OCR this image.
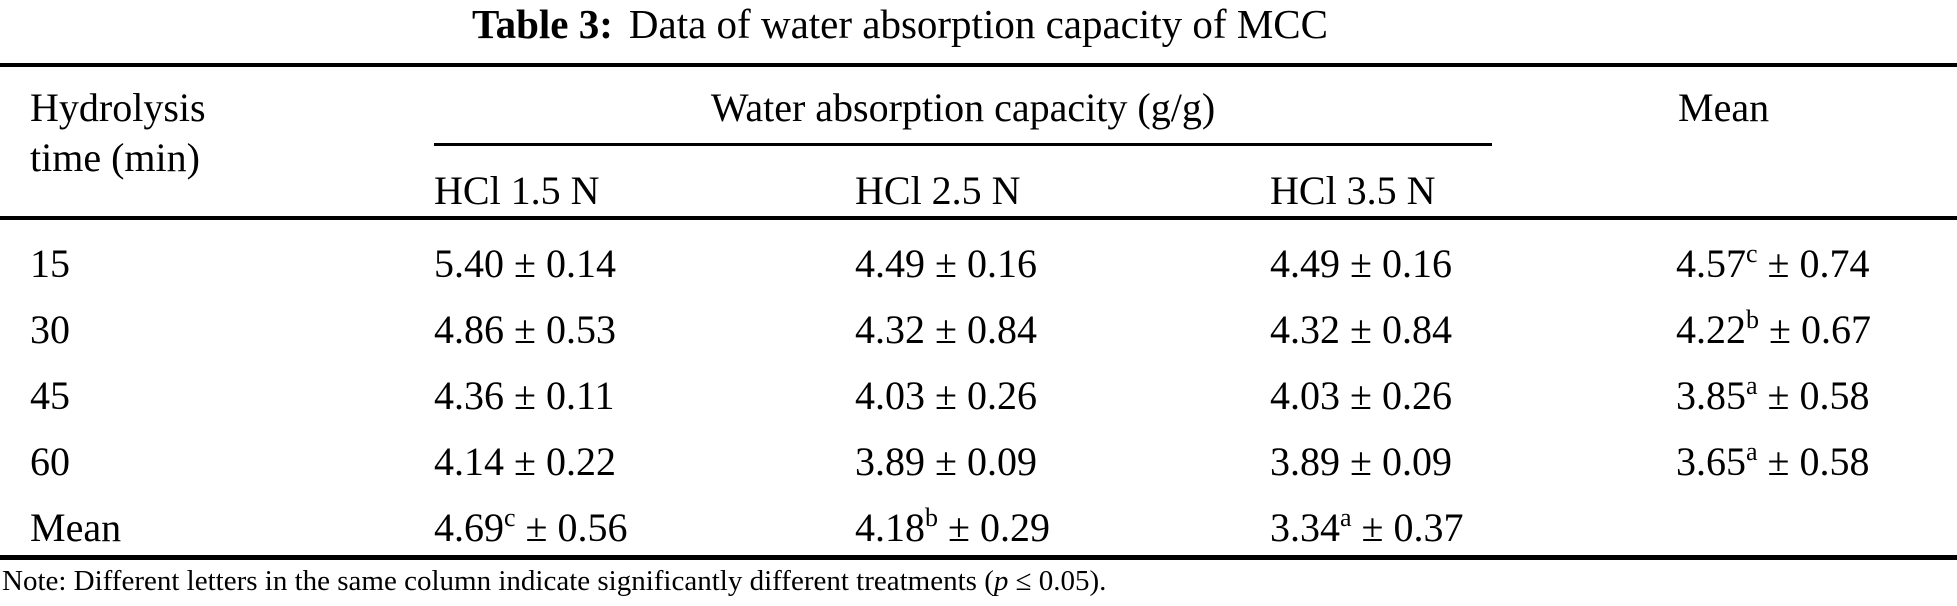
Table 3: Data of water absorption capacity of MCC
Hydrolysis
time (min)
Water absorption capacity (g/g)	Mean
HCl 1.5 N	HCl 2.5 N	HCl 3.5 N
15	5.40 ± 0.14	4.49 ± 0.16	4.49 ± 0.16	4.57$^c$ ± 0.74
30	4.86 ± 0.53	4.32 ± 0.84	4.32 ± 0.84	4.22$^b$ ± 0.67
45	4.36 ± 0.11	4.03 ± 0.26	4.03 ± 0.26	3.85$^a$ ± 0.58
60	4.14 ± 0.22	3.89 ± 0.09	3.89 ± 0.09	3.65$^a$ ± 0.58
Mean	4.69$^c$ ± 0.56	4.18$^b$ ± 0.29	3.34$^a$ ± 0.37
Note: Different letters in the same column indicate significantly different treatments (p ≤ 0.05).
